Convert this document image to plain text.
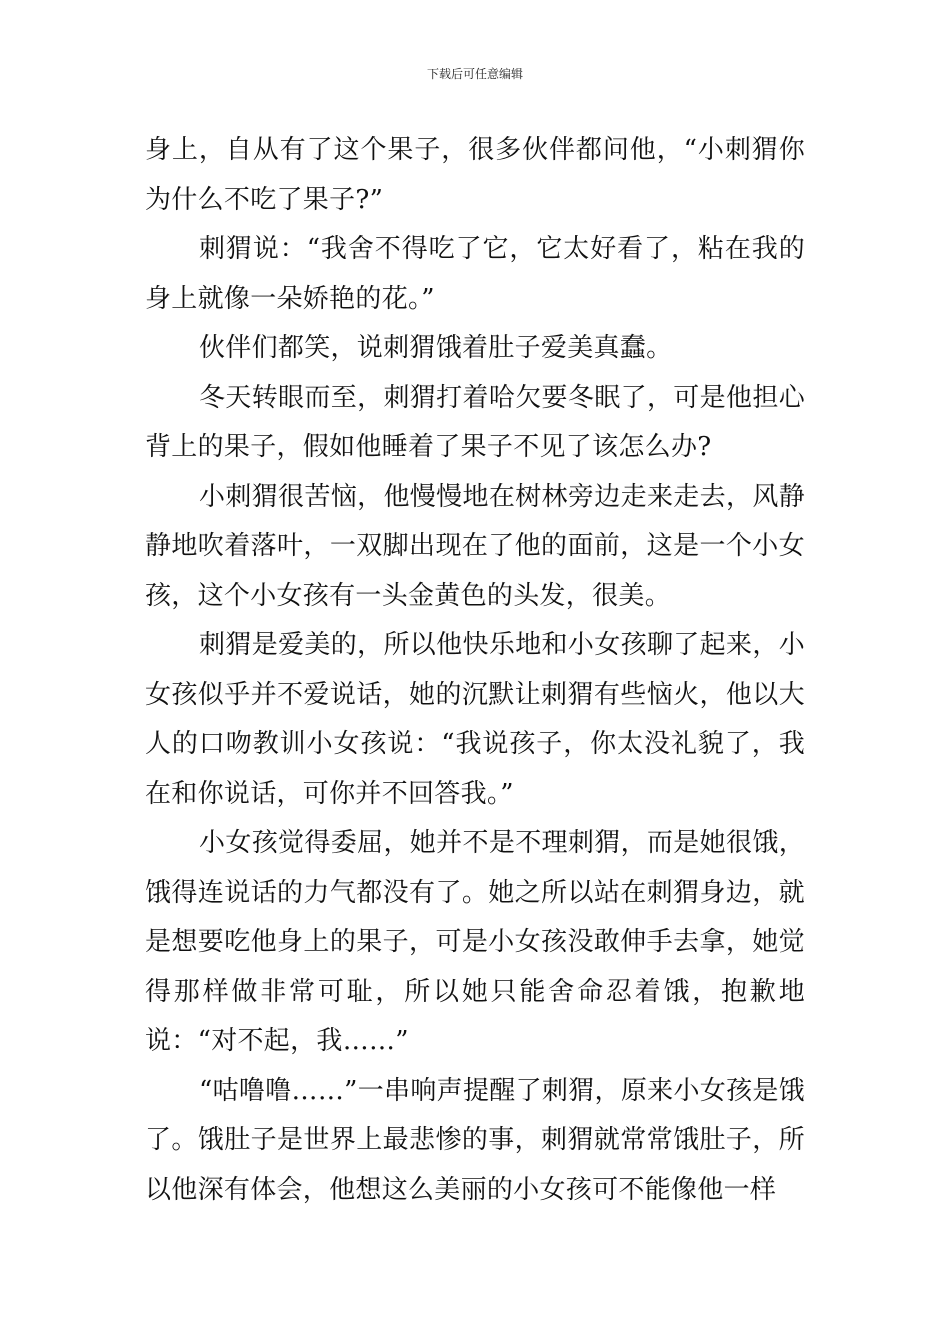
下载后可任意编辑

身上，自从有了这个果子，很多伙伴都问他，“小刺猬你为什么不吃了果子?”

刺猬说：“我舍不得吃了它，它太好看了，粘在我的身上就像一朵娇艳的花。”

伙伴们都笑，说刺猬饿着肚子爱美真蠢。

冬天转眼而至，刺猬打着哈欠要冬眠了，可是他担心背上的果子，假如他睡着了果子不见了该怎么办?

小刺猬很苦恼，他慢慢地在树林旁边走来走去，风静静地吹着落叶，一双脚出现在了他的面前，这是一个小女孩，这个小女孩有一头金黄色的头发，很美。

刺猬是爱美的，所以他快乐地和小女孩聊了起来，小女孩似乎并不爱说话，她的沉默让刺猬有些恼火，他以大人的口吻教训小女孩说：“我说孩子，你太没礼貌了，我在和你说话，可你并不回答我。”

小女孩觉得委屈，她并不是不理刺猬，而是她很饿，饿得连说话的力气都没有了。她之所以站在刺猬身边，就是想要吃他身上的果子，可是小女孩没敢伸手去拿，她觉得那样做非常可耻，所以她只能舍命忍着饿，抱歉地说：“对不起，我……”

“咕噜噜……”一串响声提醒了刺猬，原来小女孩是饿了。饿肚子是世界上最悲惨的事，刺猬就常常饿肚子，所以他深有体会，他想这么美丽的小女孩可不能像他一样
